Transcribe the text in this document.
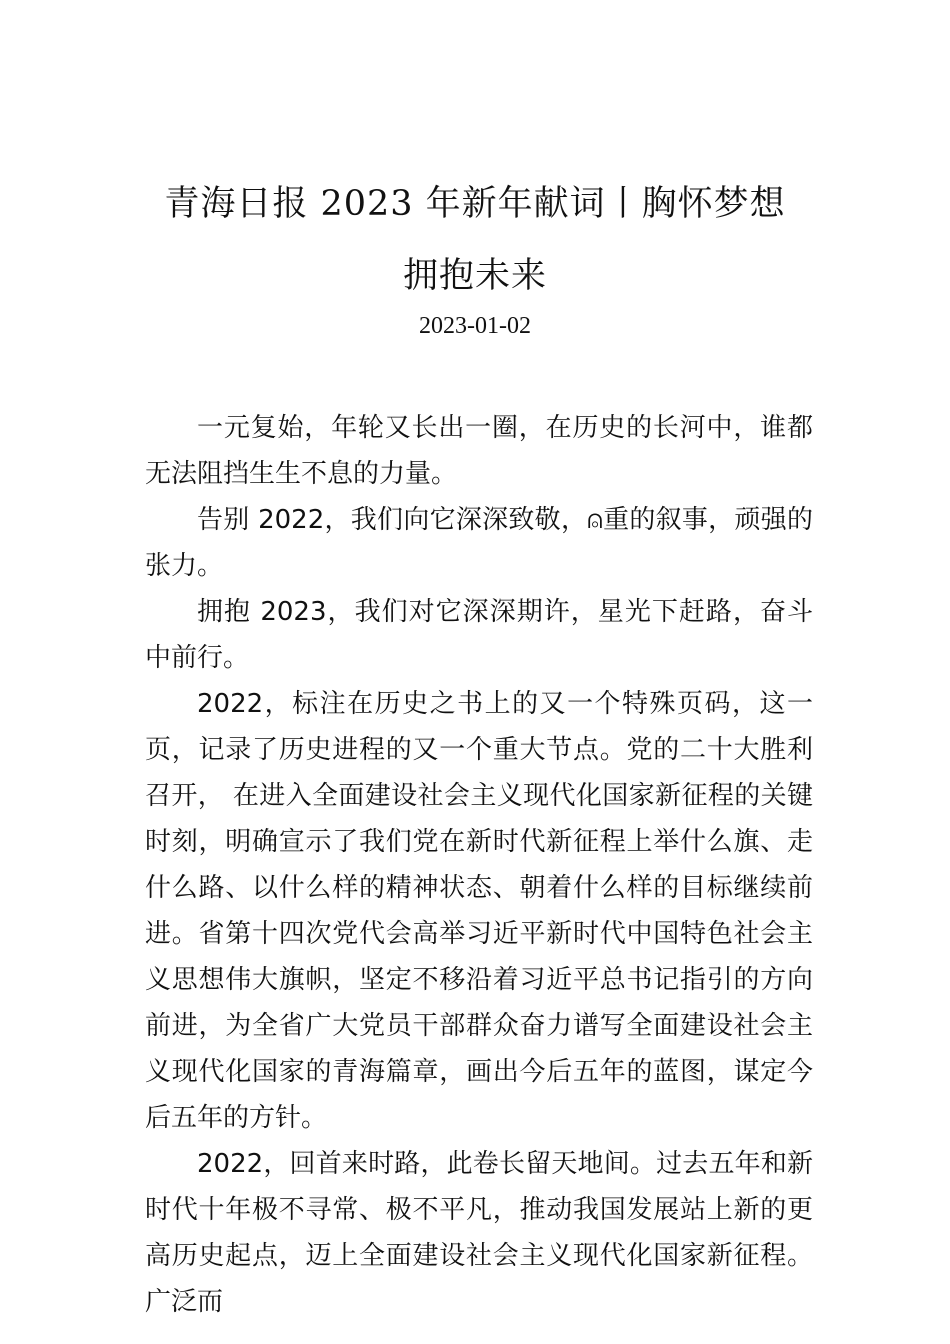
青海日报 2023 年新年献词丨胸怀梦想 拥抱未来
2023-01-02

一元复始，年轮又长出一圈，在历史的长河中，谁都无法阻挡生生不息的力量。

告别 2022，我们向它深深致敬，⍝重的叙事，顽强的张力。

拥抱 2023，我们对它深深期许，星光下赶路，奋斗中前行。

2022，标注在历史之书上的又一个特殊页码，这一页，记录了历史进程的又一个重大节点。党的二十大胜利召开， 在进入全面建设社会主义现代化国家新征程的关键时刻，明确宣示了我们党在新时代新征程上举什么旗、走什么路、以什么样的精神状态、朝着什么样的目标继续前进。省第十四次党代会高举习近平新时代中国特色社会主义思想伟大旗帜，坚定不移沿着习近平总书记指引的方向前进，为全省广大党员干部群众奋力谱写全面建设社会主义现代化国家的青海篇章，画出今后五年的蓝图，谋定今后五年的方针。

2022，回首来时路，此卷长留天地间。过去五年和新时代十年极不寻常、极不平凡，推动我国发展站上新的更高历史起点，迈上全面建设社会主义现代化国家新征程。广泛而
